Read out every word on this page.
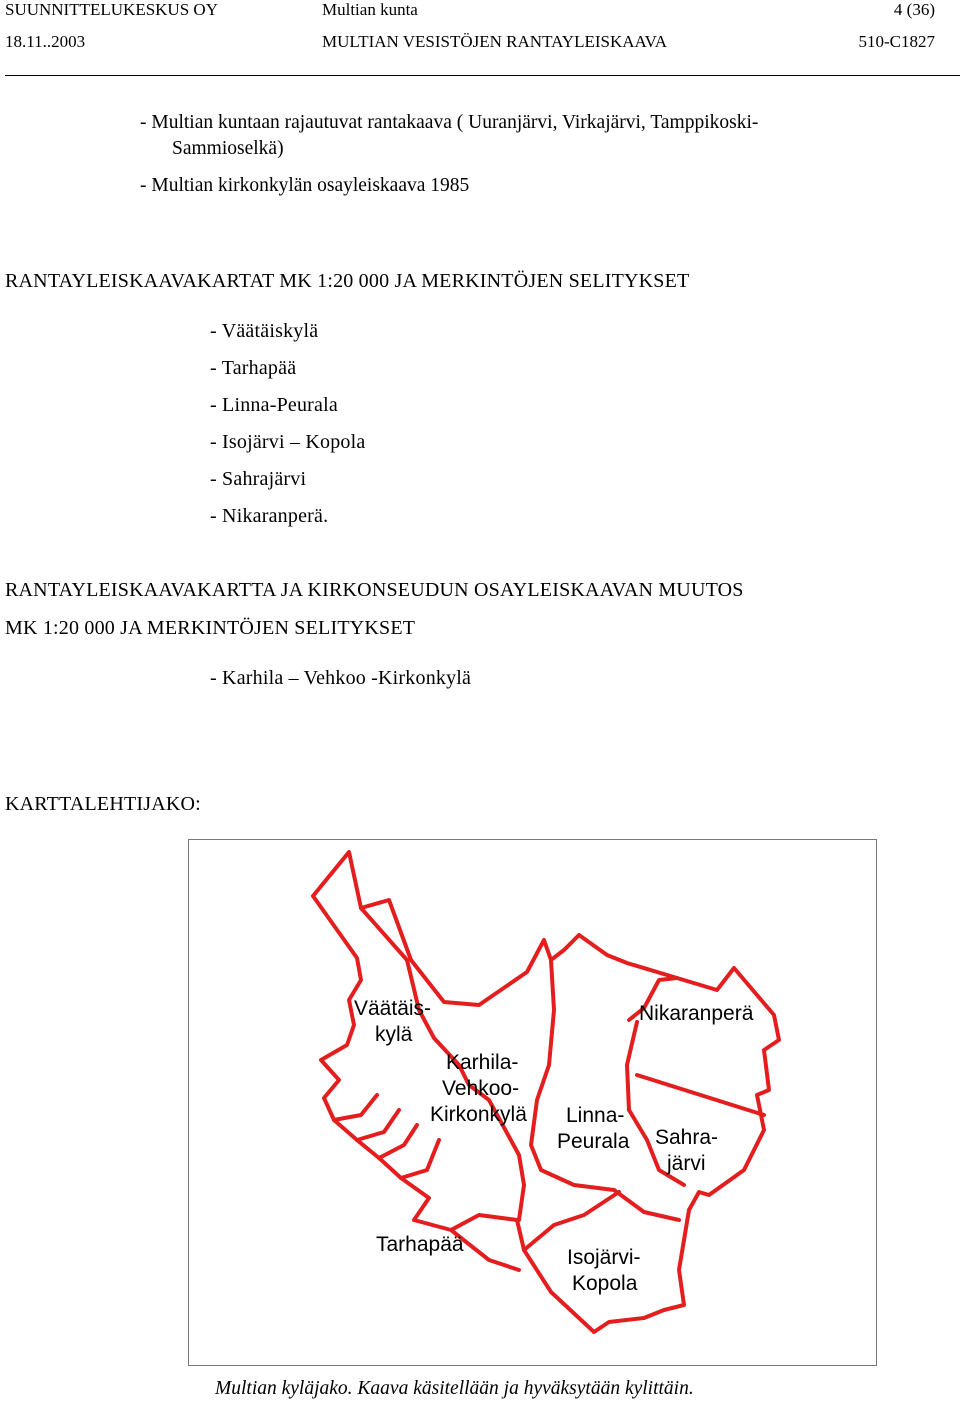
SUUNNITTELUKESKUS OY	Multian kunta	4 (36)
18.11..2003	MULTIAN VESISTÖJEN RANTAYLEISKAAVA	510-C1827
- Multian kuntaan rajautuvat rantakaava ( Uuranjärvi, Virkajärvi, Tamppikoski-
Sammioselkä)
- Multian kirkonkylän osayleiskaava 1985
RANTAYLEISKAAVAKARTAT MK 1:20 000 JA MERKINTÖJEN SELITYKSET
- Väätäiskylä
- Tarhapää
- Linna-Peurala
- Isojärvi – Kopola
- Sahrajärvi
- Nikaranperä.
RANTAYLEISKAAVAKARTTA JA KIRKONSEUDUN OSAYLEISKAAVAN MUUTOS
MK 1:20 000 JA MERKINTÖJEN SELITYKSET
- Karhila – Vehkoo -Kirkonkylä
KARTTALEHTIJAKO:
Väätäis-
kylä
Karhila-
Vehkoo-
Kirkonkylä
Nikaranperä
Linna-
Peurala Sahra-
järvi
Tarhapää
Isojärvi-
Kopola
Multian kyläjako. Kaava käsitellään ja hyväksytään kylittäin.
